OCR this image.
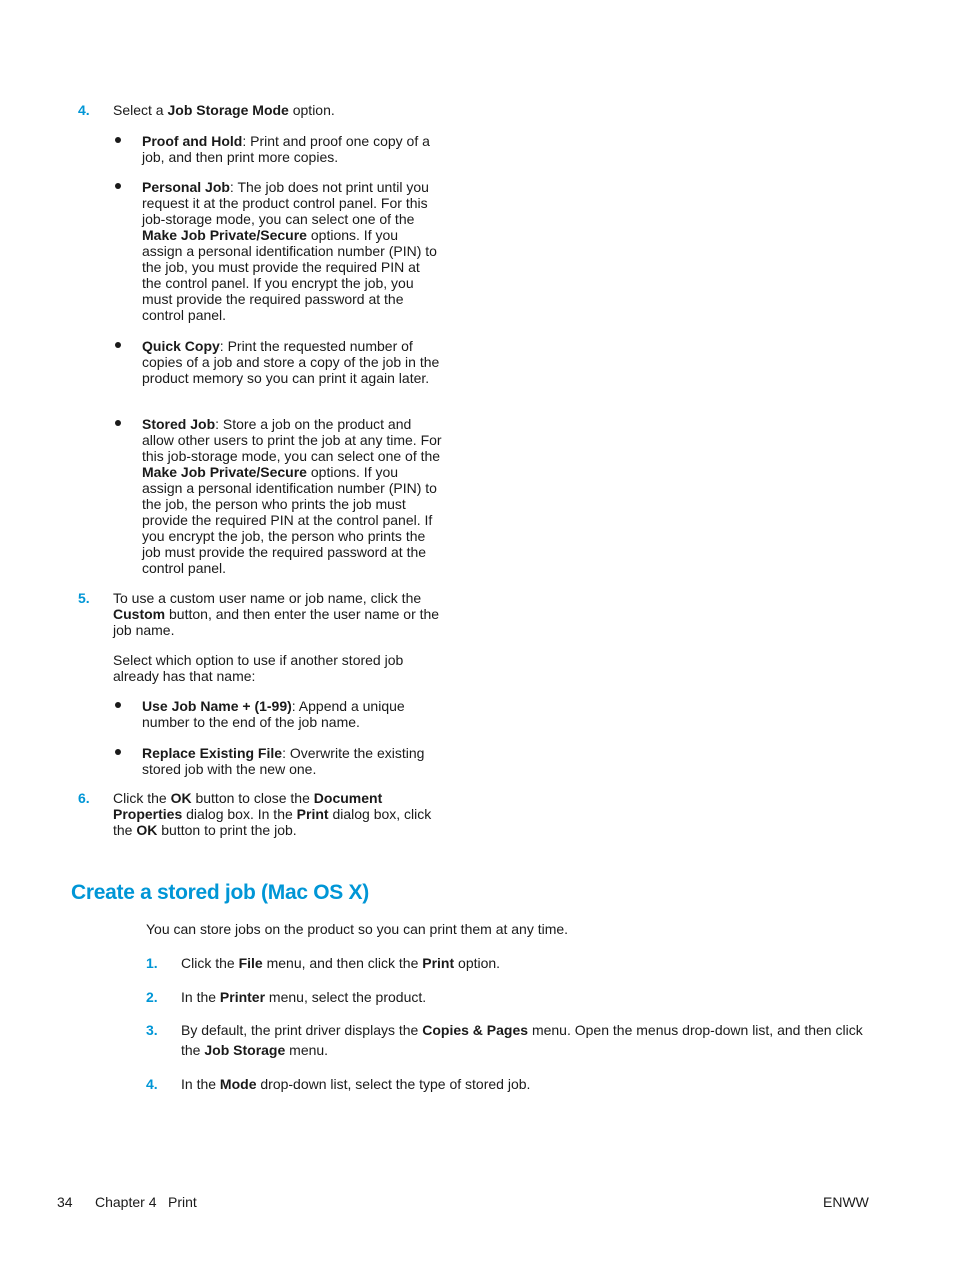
4. Select a Job Storage Mode option.
Proof and Hold: Print and proof one copy of a job, and then print more copies.
Personal Job: The job does not print until you request it at the product control panel. For this job-storage mode, you can select one of the Make Job Private/Secure options. If you assign a personal identification number (PIN) to the job, you must provide the required PIN at the control panel. If you encrypt the job, you must provide the required password at the control panel.
Quick Copy: Print the requested number of copies of a job and store a copy of the job in the product memory so you can print it again later.
Stored Job: Store a job on the product and allow other users to print the job at any time. For this job-storage mode, you can select one of the Make Job Private/Secure options. If you assign a personal identification number (PIN) to the job, the person who prints the job must provide the required PIN at the control panel. If you encrypt the job, the person who prints the job must provide the required password at the control panel.
5. To use a custom user name or job name, click the Custom button, and then enter the user name or the job name.
Select which option to use if another stored job already has that name:
Use Job Name + (1-99): Append a unique number to the end of the job name.
Replace Existing File: Overwrite the existing stored job with the new one.
6. Click the OK button to close the Document Properties dialog box. In the Print dialog box, click the OK button to print the job.
Create a stored job (Mac OS X)
You can store jobs on the product so you can print them at any time.
1. Click the File menu, and then click the Print option.
2. In the Printer menu, select the product.
3. By default, the print driver displays the Copies & Pages menu. Open the menus drop-down list, and then click the Job Storage menu.
4. In the Mode drop-down list, select the type of stored job.
34 Chapter 4 Print	ENWW
